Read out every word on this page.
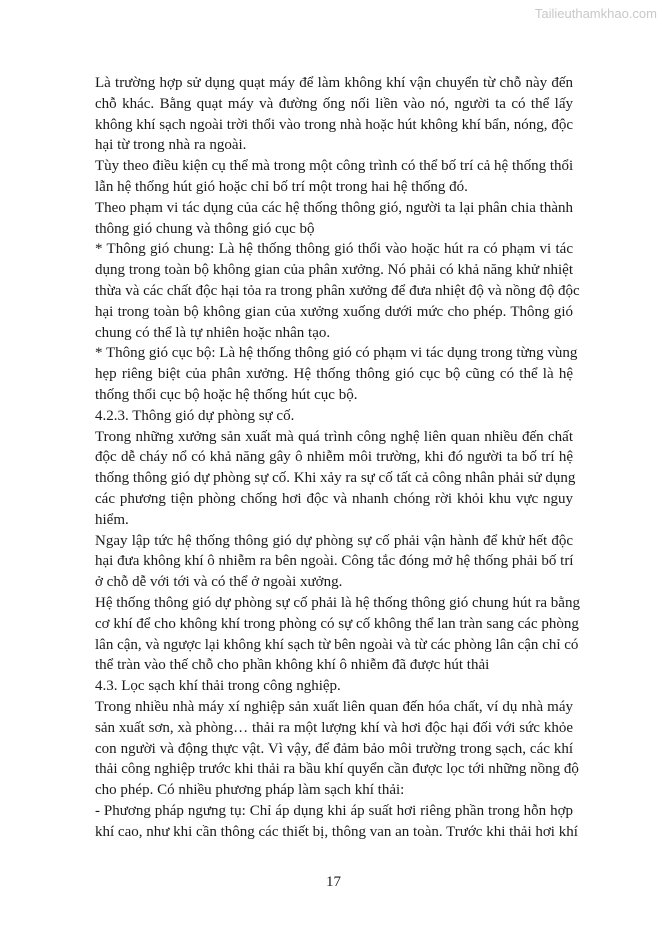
Tailieuthamkhao.com
Là trường hợp sử dụng quạt máy để làm không khí vận chuyển từ chỗ này đến
chỗ khác. Bằng quạt máy và đường ống nối liền vào nó, người ta có thể lấy
không khí sạch ngoài trời thổi vào trong nhà hoặc hút không khí bẩn, nóng, độc
hại từ trong nhà ra ngoài.
Tùy theo điều kiện cụ thể mà trong một công trình có thể bố trí cả hệ thống thổi
lẫn hệ thống hút gió hoặc chỉ bố trí một trong hai hệ thống đó.
Theo phạm vi tác dụng của các hệ thống thông gió, người ta lại phân chia thành
thông gió chung và thông gió cục bộ
* Thông gió chung: Là hệ thống thông gió thổi vào hoặc hút ra có phạm vi tác
dụng trong toàn bộ không gian của phân xưởng. Nó phải có khả năng khử nhiệt
thừa và các chất độc hại tỏa ra trong phân xưởng để đưa nhiệt độ và nồng độ độc
hại trong toàn bộ không gian của xưởng xuống dưới mức cho phép. Thông gió
chung có thể là tự nhiên hoặc nhân tạo.
* Thông gió cục bộ: Là hệ thống thông gió có phạm vi tác dụng trong từng vùng
hẹp riêng biệt của phân xưởng. Hệ thống thông gió cục bộ cũng có thể là hệ
thống thổi cục bộ hoặc hệ thống hút cục bộ.
4.2.3. Thông gió dự phòng sự cố.
Trong những xưởng sản xuất mà quá trình công nghệ liên quan nhiều đến chất
độc dễ cháy nổ có khả năng gây ô nhiễm môi trường, khi đó người ta bố trí hệ
thống thông gió dự phòng sự cố. Khi xảy ra sự cố tất cả công nhân phải sử dụng
các phương tiện phòng chống hơi độc và nhanh chóng rời khỏi khu vực nguy
hiểm.
Ngay lập tức hệ thống thông gió dự phòng sự cố phải vận hành để khử hết độc
hại đưa không khí ô nhiễm ra bên ngoài. Công tắc đóng mở hệ thống phải bố trí
ở chỗ dễ với tới và có thể ở ngoài xưởng.
Hệ thống thông gió dự phòng sự cố phải là hệ thống thông gió chung hút ra bằng
cơ khí để cho không khí trong phòng có sự cố không thể lan tràn sang các phòng
lân cận, và ngược lại không khí sạch từ bên ngoài và từ các phòng lân cận chỉ có
thể tràn vào thế chỗ cho phần không khí ô nhiễm đã được hút thải
4.3. Lọc sạch khí thải trong công nghiệp.
Trong nhiều nhà máy xí nghiệp sản xuất liên quan đến hóa chất, ví dụ nhà máy
sản xuất sơn, xà phòng… thải ra một lượng khí và hơi độc hại đối với sức khỏe
con người và động thực vật. Vì vậy, để đảm bảo môi trường trong sạch, các khí
thải công nghiệp trước khi thải ra bầu khí quyển cần được lọc tới những nồng độ
cho phép. Có nhiều phương pháp làm sạch khí thải:
- Phương pháp ngưng tụ: Chỉ áp dụng khi áp suất hơi riêng phần trong hỗn hợp
khí cao, như khi cần thông các thiết bị, thông van an toàn. Trước khi thải hơi khí
17
